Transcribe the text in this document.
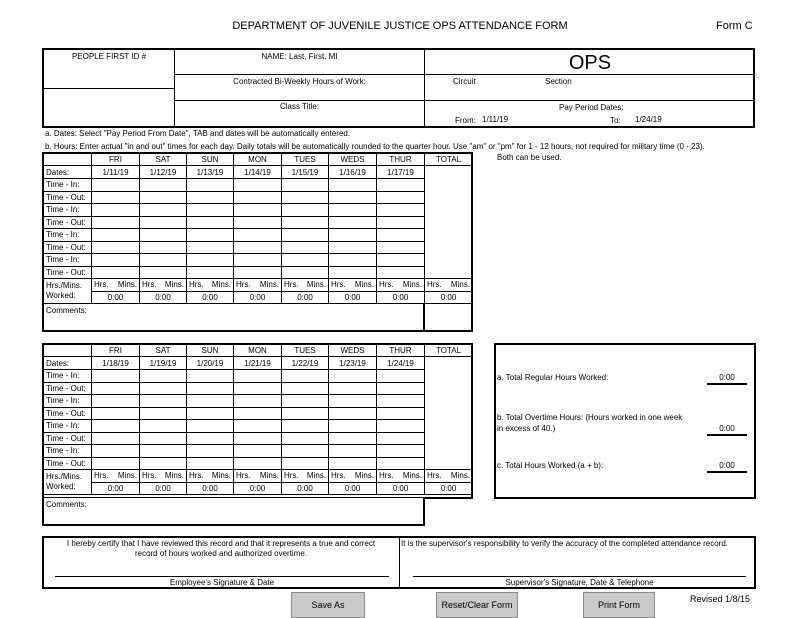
DEPARTMENT OF JUVENILE JUSTICE OPS ATTENDANCE FORM	Form C
PEOPLE FIRST ID #	NAME: Last, First, MI	OPS
Contracted Bi-Weekly Hours of Work:	Circuit	Section
Class Title:	Pay Period Dates:
From: 1/11/19	To: 1/24/19
a. Dates: Select "Pay Period From Date", TAB and dates will be automatically entered.
b. Hours: Enter actual "in and out" times for each day. Daily totals will be automatically rounded to the quarter hour. Use "am" or "pm" for 1 - 12 hours, not required for military time (0 - 23).
Both can be used.
	FRI	SAT	SUN	MON	TUES	WEDS	THUR	TOTAL
Dates:	1/11/19	1/12/19	1/13/19	1/14/19	1/15/19	1/16/19	1/17/19	
Time - In:								
Time - Out:								
Time - In:								
Time - Out:								
Time - In:								
Time - Out:								
Time - In:								
Time - Out:								
Hrs./Mins.
Worked:	Hrs. Mins.	Hrs. Mins.	Hrs. Mins.	Hrs. Mins.	Hrs. Mins.	Hrs. Mins.	Hrs. Mins.	Hrs. Mins.

	0:00	0:00	0:00	0:00	0:00	0:00	0:00	0:00
Comments:
	FRI	SAT	SUN	MON	TUES	WEDS	THUR	TOTAL
Dates:	1/18/19	1/19/19	1/20/19	1/21/19	1/22/19	1/23/19	1/24/19	
Time - In:								
Time - Out:								
Time - In:								
Time - Out:								
Time - In:								
Time - Out:								
Time - In:								
Time - Out:								
Hrs./Mins.
Worked:	Hrs. Mins.	Hrs. Mins.	Hrs. Mins.	Hrs. Mins.	Hrs. Mins.	Hrs. Mins.	Hrs. Mins.	Hrs. Mins.

	0:00	0:00	0:00	0:00	0:00	0:00	0:00	0:00
Comments:
a. Total Regular Hours Worked:	0:00
b. Total Overtime Hours: (Hours worked in one week
in excess of 40.)	0:00
c. Total Hours Worked (a + b):	0:00
I hereby certify that I have reviewed this record and that it represents a true and correct
record of hours worked and authorized overtime.
Employee's Signature & Date
It is the supervisor's responsibility to verify the accuracy of the completed attendance record.
Supervisor's Signature, Date & Telephone
Save As	Reset/Clear Form	Print Form
Revised 1/8/15
